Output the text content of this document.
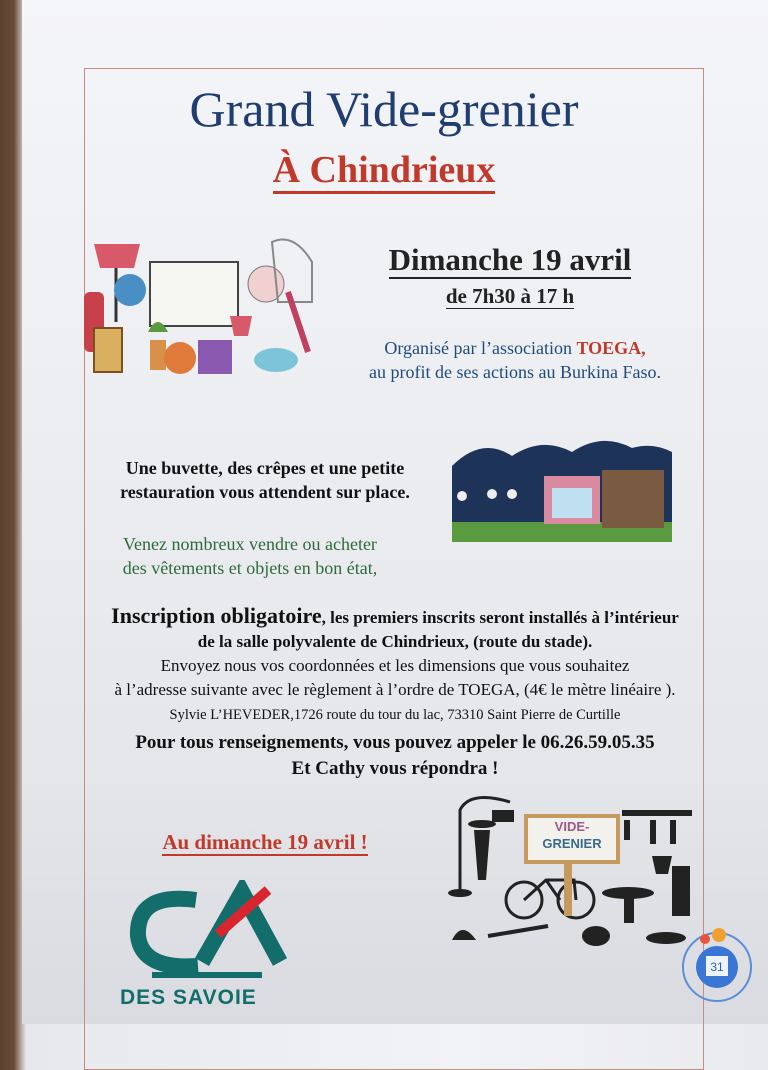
Grand Vide-grenier
À Chindrieux
Dimanche 19 avril
de 7h30 à 17 h
Organisé par l’association TOEGA,
au profit de ses actions au Burkina Faso.
Une buvette, des crêpes et une petite
restauration vous attendent sur place.
Venez nombreux vendre ou acheter
des vêtements et objets en bon état,
Inscription obligatoire, les premiers inscrits seront installés à l’intérieur
de la salle polyvalente de Chindrieux, (route du stade).
Envoyez nous vos coordonnées et les dimensions que vous souhaitez
à l’adresse suivante avec le règlement à l’ordre de TOEGA, (4€ le mètre linéaire ).
Sylvie L’HEVEDER,1726 route du tour du lac, 73310 Saint Pierre de Curtille
Pour tous renseignements, vous pouvez appeler le 06.26.59.05.35
Et Cathy vous répondra !
Au dimanche 19 avril !
DES SAVOIE
VIDE-
GRENIER
31
